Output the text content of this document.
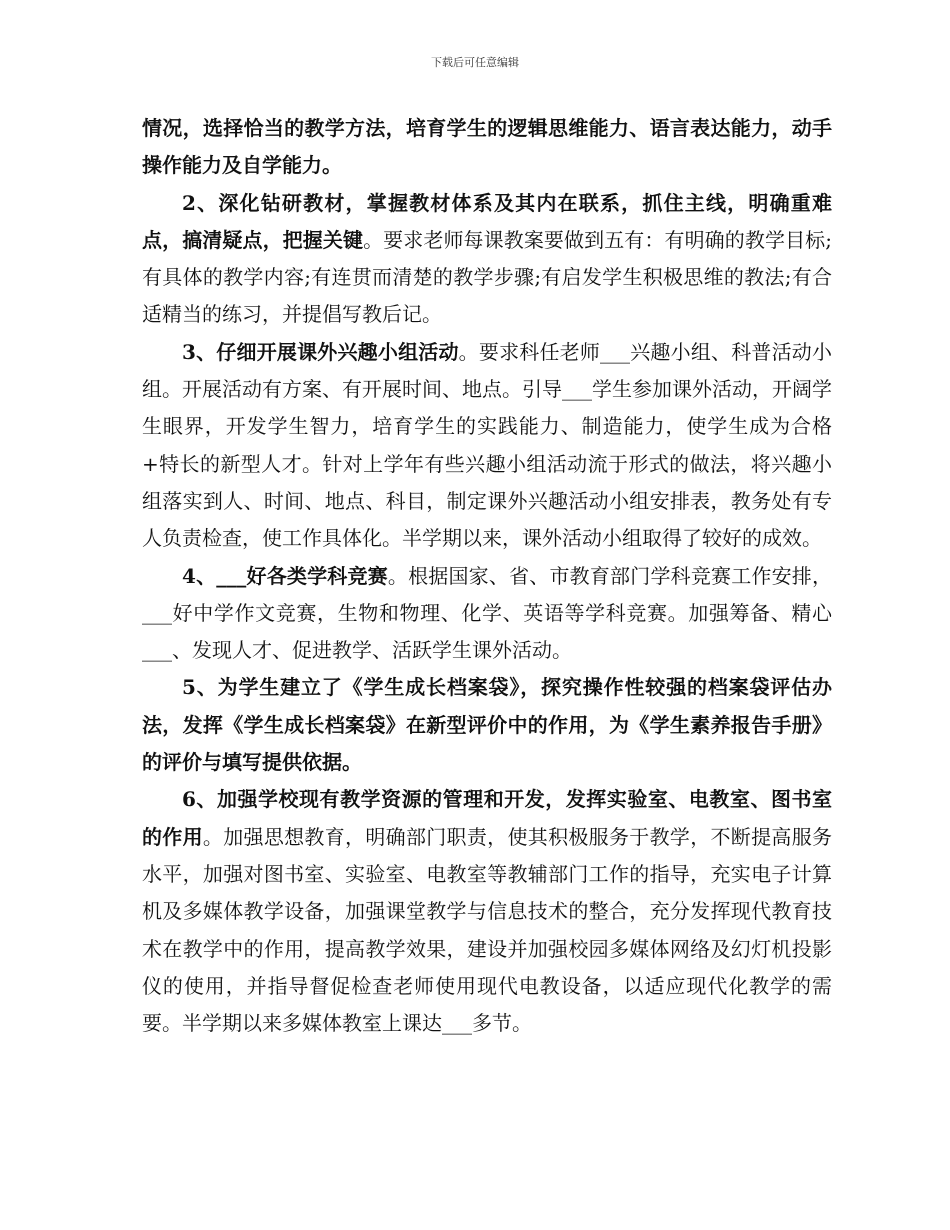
下载后可任意编辑

情况，选择恰当的教学方法，培育学生的逻辑思维能力、语言表达能力，动手操作能力及自学能力。

2、深化钻研教材，掌握教材体系及其内在联系，抓住主线，明确重难点，搞清疑点，把握关键。要求老师每课教案要做到五有：有明确的教学目标;有具体的教学内容;有连贯而清楚的教学步骤;有启发学生积极思维的教法;有合适精当的练习，并提倡写教后记。

3、仔细开展课外兴趣小组活动。要求科任老师___兴趣小组、科普活动小组。开展活动有方案、有开展时间、地点。引导___学生参加课外活动，开阔学生眼界，开发学生智力，培育学生的实践能力、制造能力，使学生成为合格+特长的新型人才。针对上学年有些兴趣小组活动流于形式的做法，将兴趣小组落实到人、时间、地点、科目，制定课外兴趣活动小组安排表，教务处有专人负责检查，使工作具体化。半学期以来，课外活动小组取得了较好的成效。

4、___好各类学科竞赛。根据国家、省、市教育部门学科竞赛工作安排，___好中学作文竞赛，生物和物理、化学、英语等学科竞赛。加强筹备、精心___、发现人才、促进教学、活跃学生课外活动。

5、为学生建立了《学生成长档案袋》，探究操作性较强的档案袋评估办法，发挥《学生成长档案袋》在新型评价中的作用，为《学生素养报告手册》的评价与填写提供依据。

6、加强学校现有教学资源的管理和开发，发挥实验室、电教室、图书室的作用。加强思想教育，明确部门职责，使其积极服务于教学，不断提高服务水平，加强对图书室、实验室、电教室等教辅部门工作的指导，充实电子计算机及多媒体教学设备，加强课堂教学与信息技术的整合，充分发挥现代教育技术在教学中的作用，提高教学效果，建设并加强校园多媒体网络及幻灯机投影仪的使用，并指导督促检查老师使用现代电教设备，以适应现代化教学的需要。半学期以来多媒体教室上课达___多节。
